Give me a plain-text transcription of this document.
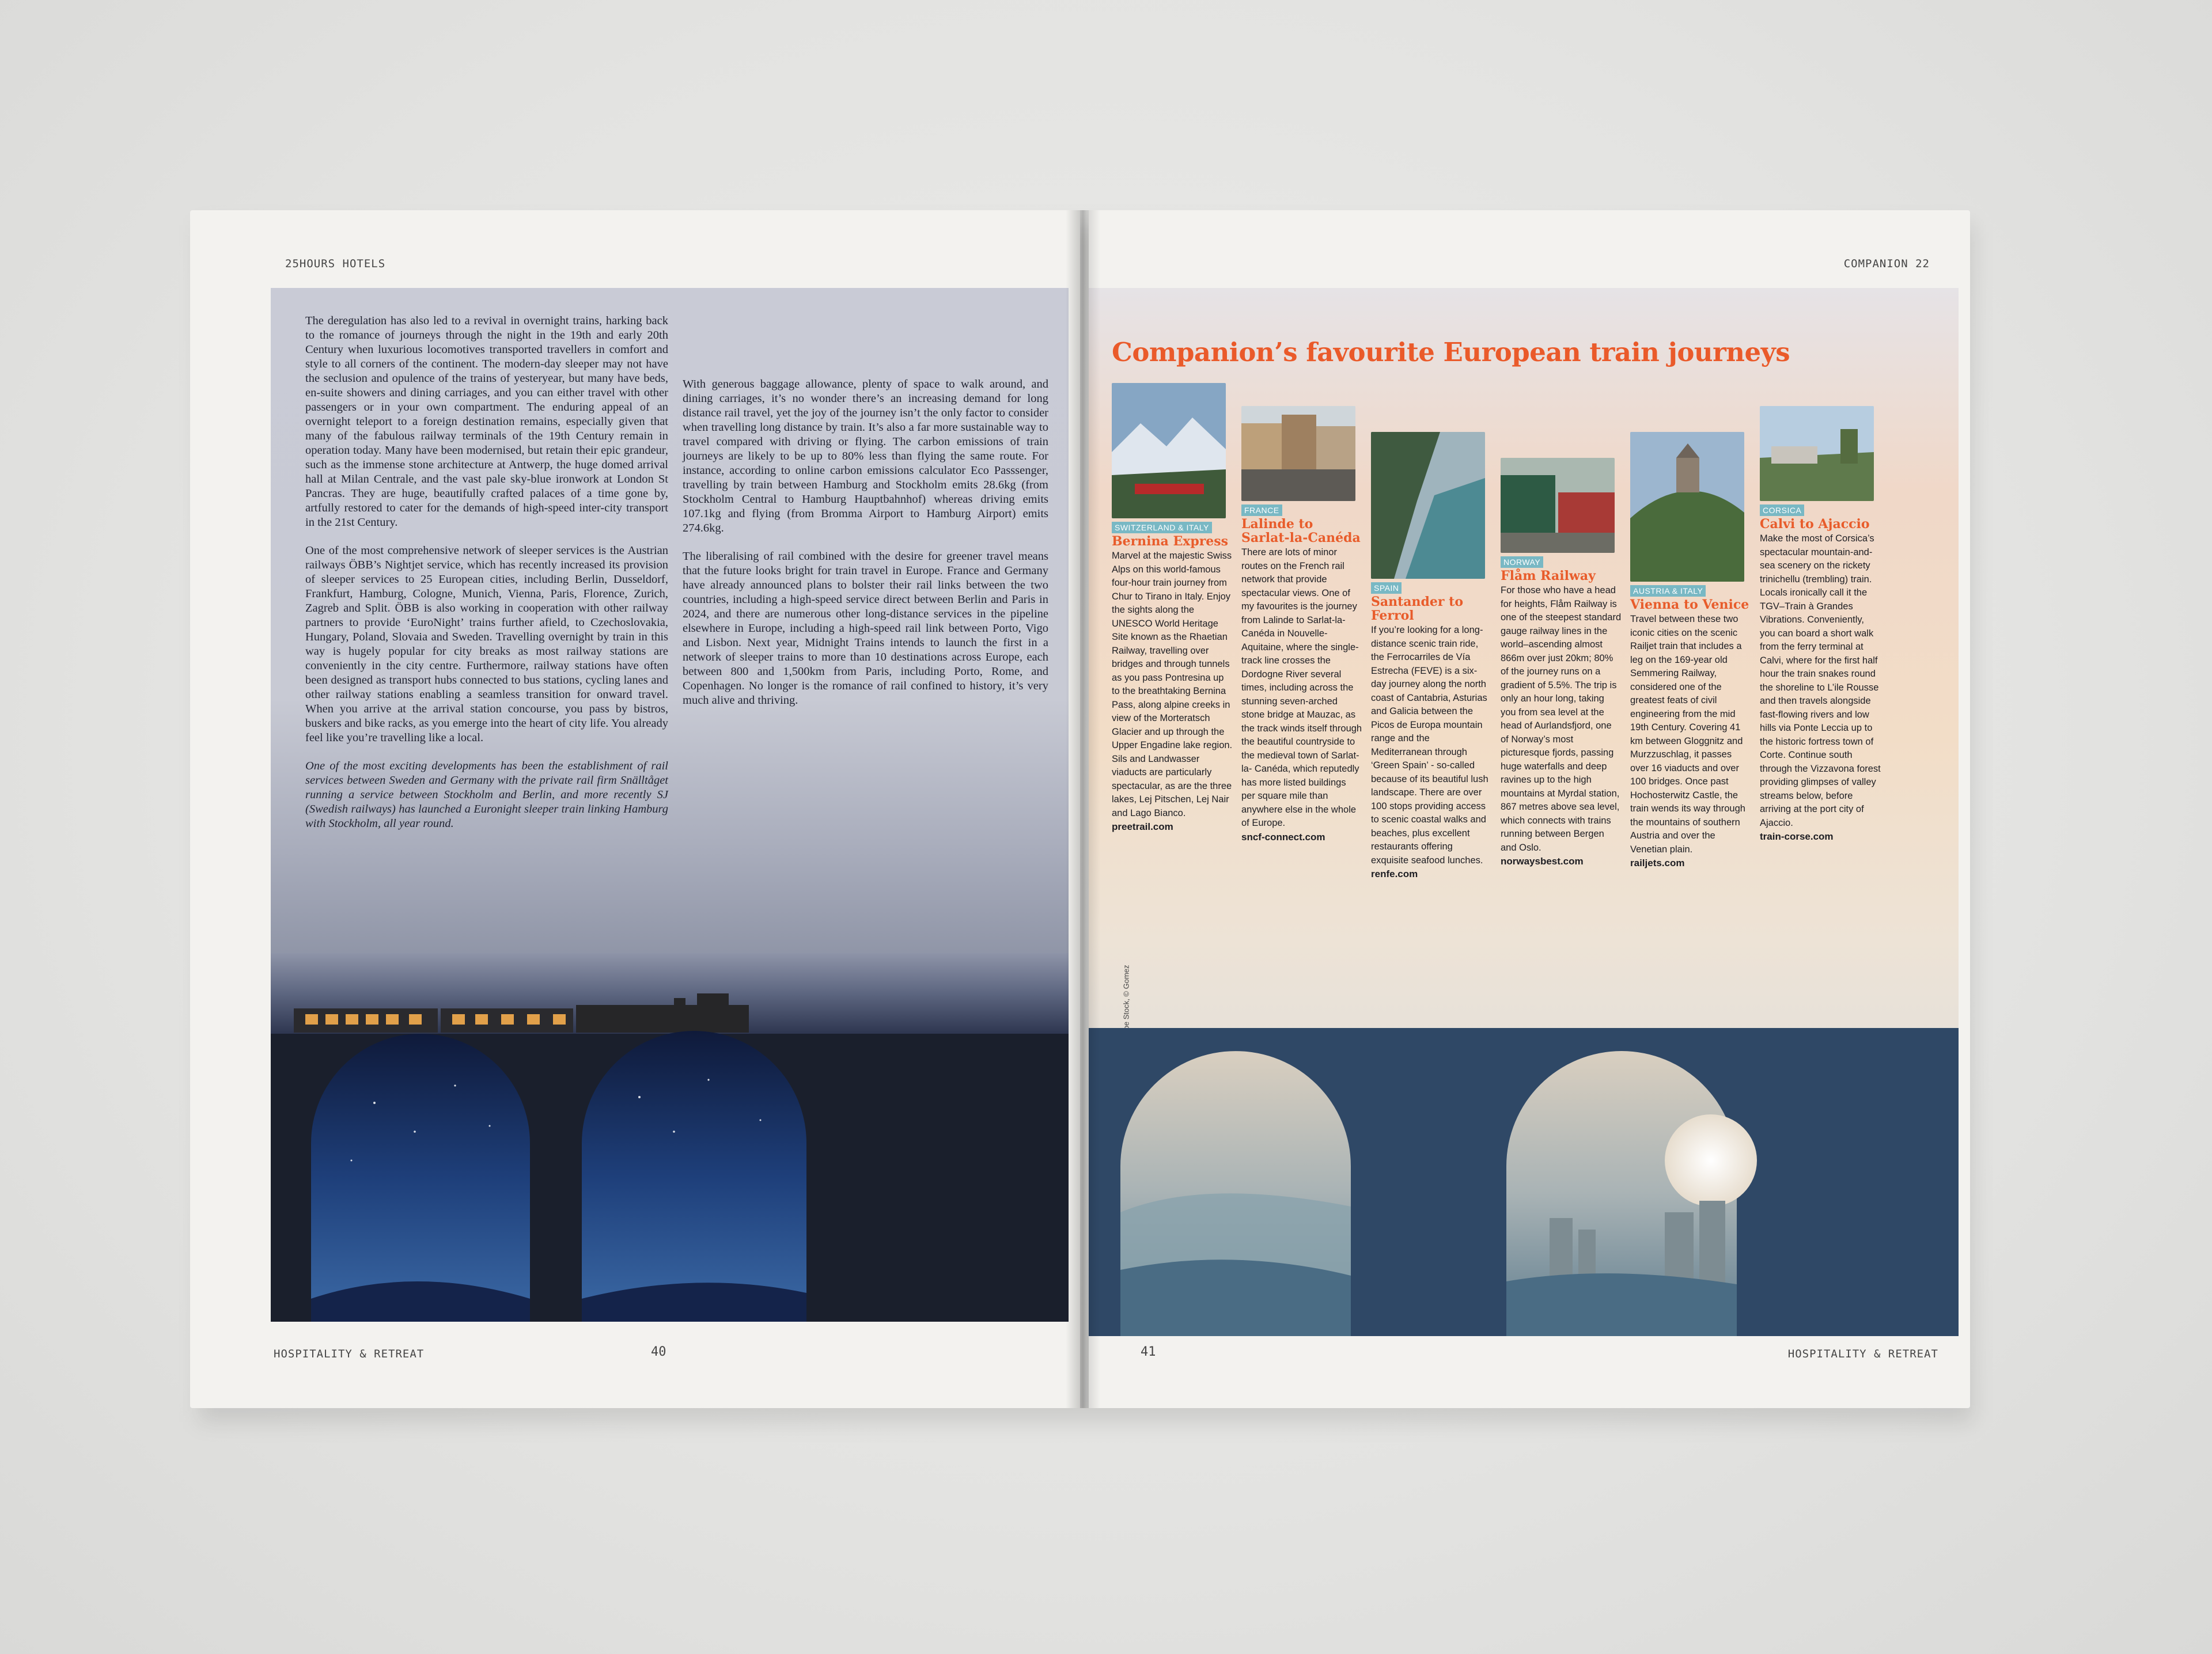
25HOURS HOTELS

The deregulation has also led to a revival in overnight trains, harking back to the romance of journeys through the night in the 19th and early 20th Century when luxurious locomotives transported travellers in comfort and style to all corners of the continent. The modern-day sleeper may not have the seclusion and opulence of the trains of yesteryear, but many have beds, en-suite showers and dining carriages, and you can either travel with other passengers or in your own compartment. The enduring appeal of an overnight teleport to a foreign destination remains, especially given that many of the fabulous railway terminals of the 19th Century remain in operation today. Many have been modernised, but retain their epic grandeur, such as the immense stone architecture at Antwerp, the huge domed arrival hall at Milan Centrale, and the vast pale sky-blue ironwork at London St Pancras. They are huge, beautifully crafted palaces of a time gone by, artfully restored to cater for the demands of high-speed inter-city transport in the 21st Century.

One of the most comprehensive network of sleeper services is the Austrian railways ÖBB’s Nightjet service, which has recently increased its provision of sleeper services to 25 European cities, including Berlin, Dusseldorf, Frankfurt, Hamburg, Cologne, Munich, Vienna, Paris, Florence, Zurich, Zagreb and Split. ÖBB is also working in cooperation with other railway partners to provide ‘EuroNight’ trains further afield, to Czechoslovakia, Hungary, Poland, Slovaia and Sweden. Travelling overnight by train in this way is hugely popular for city breaks as most railway stations are conveniently in the city centre. Furthermore, railway stations have often been designed as transport hubs connected to bus stations, cycling lanes and other railway stations enabling a seamless transition for onward travel. When you arrive at the arrival station concourse, you pass by bistros, buskers and bike racks, as you emerge into the heart of city life. You already feel like you’re travelling like a local.

One of the most exciting developments has been the establishment of rail services between Sweden and Germany with the private rail firm Snälltåget running a service between Stockholm and Berlin, and more recently SJ (Swedish railways) has launched a Euronight sleeper train linking Hamburg with Stockholm, all year round.

With generous baggage allowance, plenty of space to walk around, and dining carriages, it’s no wonder there’s an increasing demand for long distance rail travel, yet the joy of the journey isn’t the only factor to consider when travelling long distance by train. It’s also a far more sustainable way to travel compared with driving or flying. The carbon emissions of train journeys are likely to be up to 80% less than flying the same route. For instance, according to online carbon emissions calculator Eco Passsenger, travelling by train between Hamburg and Stockholm emits 28.6kg (from Stockholm Central to Hamburg Hauptbahnhof) whereas driving emits 107.1kg and flying (from Bromma Airport to Hamburg Airport) emits 274.6kg.

The liberalising of rail combined with the desire for greener travel means that the future looks bright for train travel in Europe. France and Germany have already announced plans to bolster their rail links between the two countries, including a high-speed service direct between Berlin and Paris in 2024, and there are numerous other long-distance services in the pipeline elsewhere in Europe, including a high-speed rail link between Porto, Vigo and Lisbon. Next year, Midnight Trains intends to launch the first in a network of sleeper trains to more than 10 destinations across Europe, each between 800 and 1,500km from Paris, including Porto, Rome, and Copenhagen. No longer is the romance of rail confined to history, it’s very much alive and thriving.

HOSPITALITY & RETREAT	40
COMPANION 22
Companion’s favourite European train journeys
SWITZERLAND & ITALY
Bernina Express
Marvel at the majestic Swiss Alps on this world-famous four-hour train journey from Chur to Tirano in Italy. Enjoy the sights along the UNESCO World Heritage Site known as the Rhaetian Railway, travelling over bridges and through tunnels as you pass Pontresina up to the breathtaking Bernina Pass, along alpine creeks in view of the Morteratsch Glacier and up through the Upper Engadine lake region. Sils and Landwasser viaducts are particularly spectacular, as are the three lakes, Lej Pitschen, Lej Nair and Lago Bianco.
preetrail.com
FRANCE
Lalinde to Sarlat-la-Canéda
There are lots of minor routes on the French rail network that provide spectacular views. One of my favourites is the journey from Lalinde to Sarlat-la-Canéda in Nouvelle-Aquitaine, where the single-track line crosses the Dordogne River several times, including across the stunning seven-arched stone bridge at Mauzac, as the track winds itself through the beautiful countryside to the medieval town of Sarlat-la- Canéda, which reputedly has more listed buildings per square mile than anywhere else in the whole of Europe.
sncf-connect.com
SPAIN
Santander to Ferrol
If you’re looking for a long-distance scenic train ride, the Ferrocarriles de Vía Estrecha (FEVE) is a six-day journey along the north coast of Cantabria, Asturias and Galicia between the Picos de Europa mountain range and the Mediterranean through ‘Green Spain’ - so-called because of its beautiful lush landscape. There are over 100 stops providing access to scenic coastal walks and beaches, plus excellent restaurants offering exquisite seafood lunches.
renfe.com
NORWAY
Flåm Railway
For those who have a head for heights, Flåm Railway is one of the steepest standard gauge railway lines in the world–ascending almost 866m over just 20km; 80% of the journey runs on a gradient of 5.5%. The trip is only an hour long, taking you from sea level at the head of Aurlandsfjord, one of Norway’s most picturesque fjords, passing huge waterfalls and deep ravines up to the high mountains at Myrdal station, 867 metres above sea level, which connects with trains running between Bergen and Oslo.
norwaysbest.com
AUSTRIA & ITALY
Vienna to Venice
Travel between these two iconic cities on the scenic Railjet train that includes a leg on the 169-year old Semmering Railway, considered one of the greatest feats of civil engineering from the mid 19th Century. Covering 41 km between Gloggnitz and Murzzuschlag, it passes over 16 viaducts and over 100 bridges. Once past Hochosterwitz Castle, the train wends its way through the mountains of southern Austria and over the Venetian plain.
railjets.com
CORSICA
Calvi to Ajaccio
Make the most of Corsica’s spectacular mountain-and-sea scenery on the rickety trinichellu (trembling) train. Locals ironically call it the TGV–Train à Grandes Vibrations. Conveniently, you can board a short walk from the ferry terminal at Calvi, where for the first half hour the train snakes round the shoreline to L’ile Rousse and then travels alongside fast-flowing rivers and low hills via Ponte Leccia up to the historic fortress town of Corte. Continue south through the Vizzavona forest providing glimpses of valley streams below, before arriving at the port city of Ajaccio.
train-corse.com
41	HOSPITALITY & RETREAT
